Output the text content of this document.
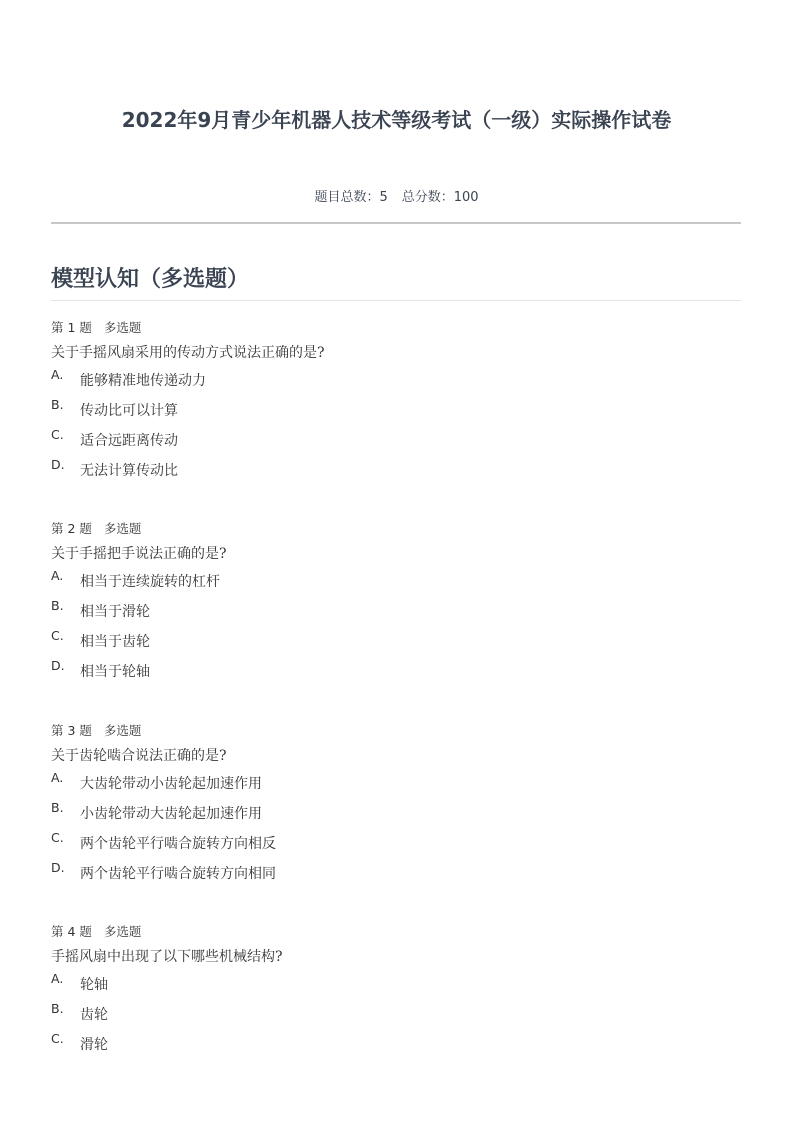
2022年9月青少年机器人技术等级考试（一级）实际操作试卷
题目总数：5 总分数：100
模型认知（多选题）
第 1 题 多选题
关于手摇风扇采用的传动方式说法正确的是?
A. 能够精准地传递动力
B. 传动比可以计算
C. 适合远距离传动
D. 无法计算传动比
第 2 题 多选题
关于手摇把手说法正确的是?
A. 相当于连续旋转的杠杆
B. 相当于滑轮
C. 相当于齿轮
D. 相当于轮轴
第 3 题 多选题
关于齿轮啮合说法正确的是?
A. 大齿轮带动小齿轮起加速作用
B. 小齿轮带动大齿轮起加速作用
C. 两个齿轮平行啮合旋转方向相反
D. 两个齿轮平行啮合旋转方向相同
第 4 题 多选题
手摇风扇中出现了以下哪些机械结构?
A. 轮轴
B. 齿轮
C. 滑轮
